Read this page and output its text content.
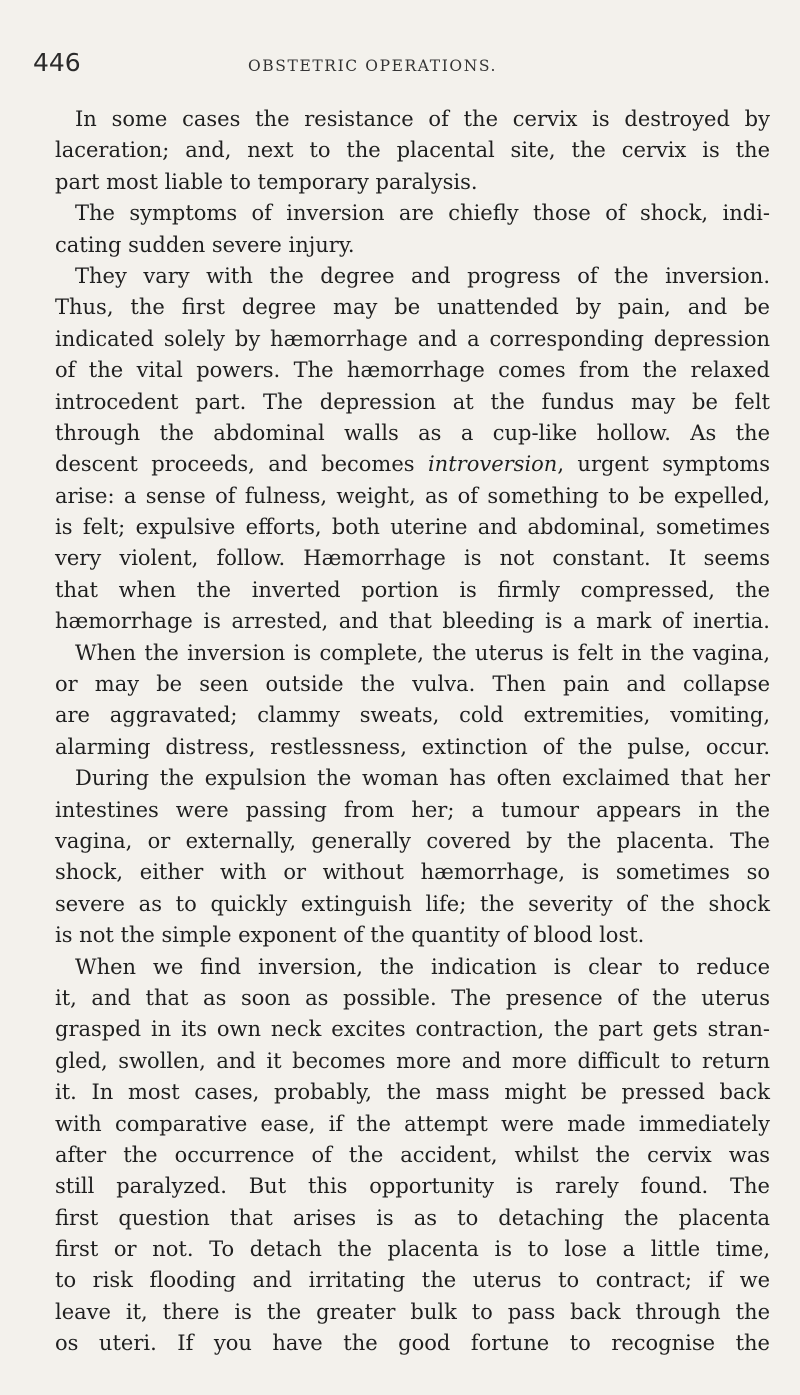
446	OBSTETRIC OPERATIONS.
In some cases the resistance of the cervix is destroyed by
laceration; and, next to the placental site, the cervix is the
part most liable to temporary paralysis.
The symptoms of inversion are chiefly those of shock, indi-
cating sudden severe injury.
They vary with the degree and progress of the inversion.
Thus, the first degree may be unattended by pain, and be
indicated solely by hæmorrhage and a corresponding depression
of the vital powers. The hæmorrhage comes from the relaxed
introcedent part. The depression at the fundus may be felt
through the abdominal walls as a cup-like hollow. As the
descent proceeds, and becomes introversion, urgent symptoms
arise: a sense of fulness, weight, as of something to be expelled,
is felt; expulsive efforts, both uterine and abdominal, sometimes
very violent, follow. Hæmorrhage is not constant. It seems
that when the inverted portion is firmly compressed, the
hæmorrhage is arrested, and that bleeding is a mark of inertia.
When the inversion is complete, the uterus is felt in the vagina,
or may be seen outside the vulva. Then pain and collapse
are aggravated; clammy sweats, cold extremities, vomiting,
alarming distress, restlessness, extinction of the pulse, occur.
During the expulsion the woman has often exclaimed that her
intestines were passing from her; a tumour appears in the
vagina, or externally, generally covered by the placenta. The
shock, either with or without hæmorrhage, is sometimes so
severe as to quickly extinguish life; the severity of the shock
is not the simple exponent of the quantity of blood lost.
When we find inversion, the indication is clear to reduce
it, and that as soon as possible. The presence of the uterus
grasped in its own neck excites contraction, the part gets stran-
gled, swollen, and it becomes more and more difficult to return
it. In most cases, probably, the mass might be pressed back
with comparative ease, if the attempt were made immediately
after the occurrence of the accident, whilst the cervix was
still paralyzed. But this opportunity is rarely found. The
first question that arises is as to detaching the placenta
first or not. To detach the placenta is to lose a little time,
to risk flooding and irritating the uterus to contract; if we
leave it, there is the greater bulk to pass back through the
os uteri. If you have the good fortune to recognise the
